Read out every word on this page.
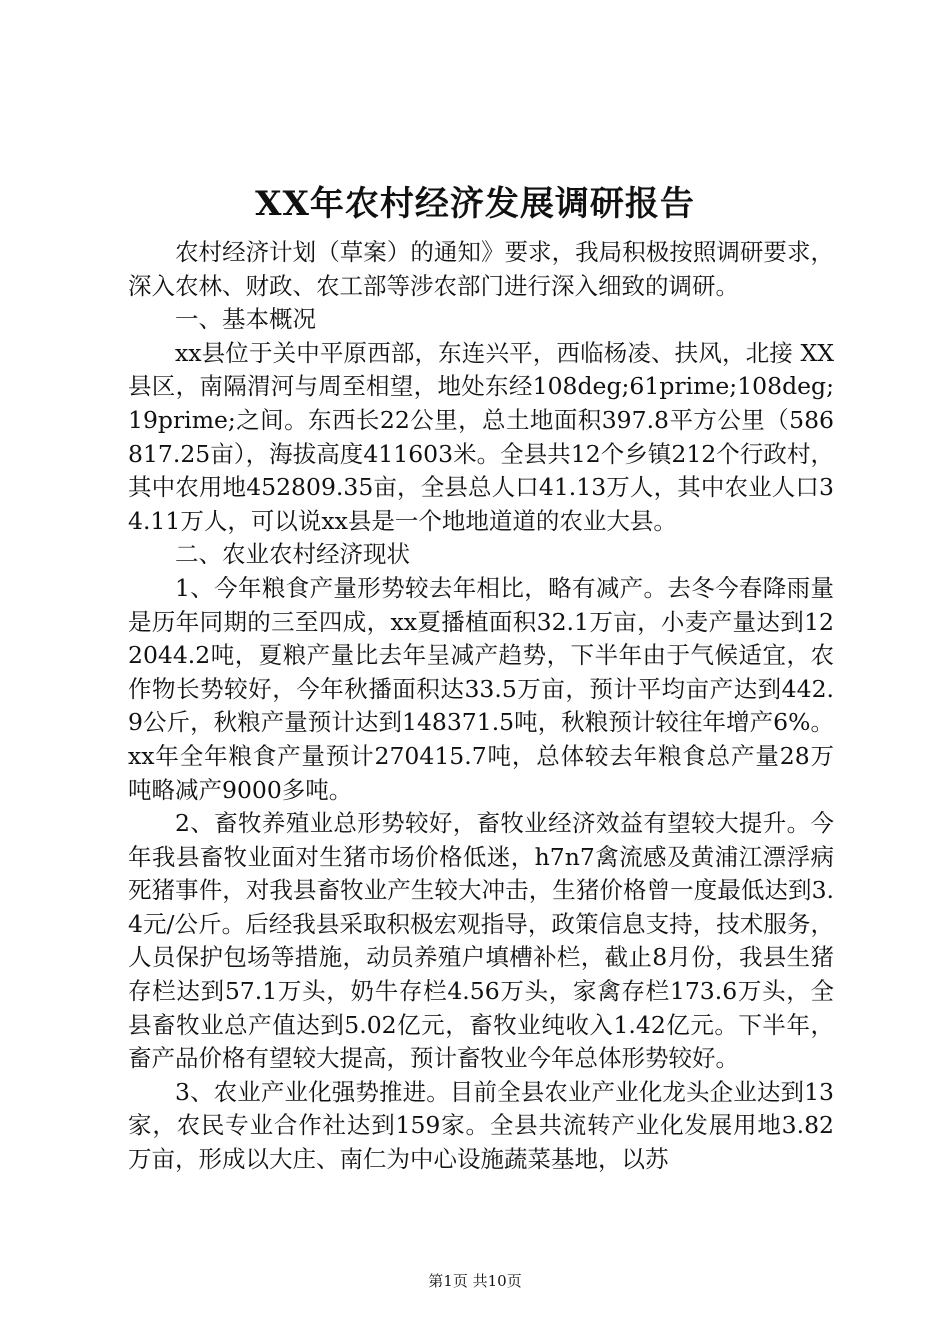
XX年农村经济发展调研报告

农村经济计划（草案）的通知》要求，我局积极按照调研要求，深入农林、财政、农工部等涉农部门进行深入细致的调研。

一、基本概况

xx县位于关中平原西部，东连兴平，西临杨凌、扶风，北接 XX 县区，南隔渭河与周至相望，地处东经108deg;61prime;108deg;19prime;之间。东西长22公里，总土地面积397.8平方公里（586817.25亩），海拔高度411603米。全县共12个乡镇212个行政村，其中农用地452809.35亩，全县总人口41.13万人，其中农业人口34.11万人，可以说xx县是一个地地道道的农业大县。

二、农业农村经济现状

1、今年粮食产量形势较去年相比，略有减产。去冬今春降雨量是历年同期的三至四成，xx夏播植面积32.1万亩，小麦产量达到122044.2吨，夏粮产量比去年呈减产趋势，下半年由于气候适宜，农作物长势较好，今年秋播面积达33.5万亩，预计平均亩产达到442.9公斤，秋粮产量预计达到148371.5吨，秋粮预计较往年增产6%。xx年全年粮食产量预计270415.7吨，总体较去年粮食总产量28万吨略减产9000多吨。

2、畜牧养殖业总形势较好，畜牧业经济效益有望较大提升。今年我县畜牧业面对生猪市场价格低迷，h7n7禽流感及黄浦江漂浮病死猪事件，对我县畜牧业产生较大冲击，生猪价格曾一度最低达到3.4元/公斤。后经我县采取积极宏观指导，政策信息支持，技术服务，人员保护包场等措施，动员养殖户填槽补栏，截止8月份，我县生猪存栏达到57.1万头，奶牛存栏4.56万头，家禽存栏173.6万头，全县畜牧业总产值达到5.02亿元，畜牧业纯收入1.42亿元。下半年，畜产品价格有望较大提高，预计畜牧业今年总体形势较好。

3、农业产业化强势推进。目前全县农业产业化龙头企业达到13家，农民专业合作社达到159家。全县共流转产业化发展用地3.82万亩，形成以大庄、南仁为中心设施蔬菜基地，以苏

第1页 共10页
